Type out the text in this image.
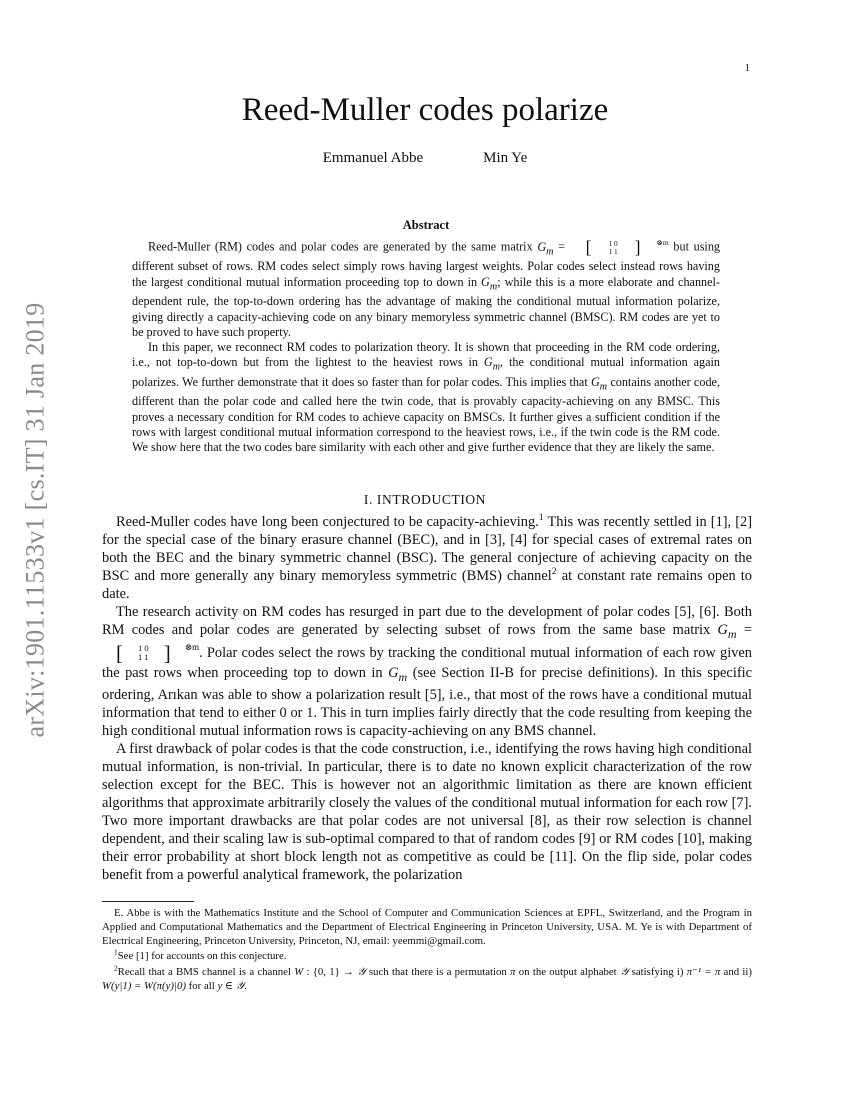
1
arXiv:1901.11533v1 [cs.IT] 31 Jan 2019
Reed-Muller codes polarize
Emmanuel Abbe	Min Ye
Abstract

Reed-Muller (RM) codes and polar codes are generated by the same matrix $G_m$ = [	1 0
1 1 ]	$^{\otimes m}$ but using different subset of rows. RM codes select simply rows having largest weights. Polar codes select instead rows having the largest conditional mutual information proceeding top to down in $G_m$; while this is a more elaborate and channel-dependent rule, the top-to-down ordering has the advantage of making the conditional mutual information polarize, giving directly a capacity-achieving code on any binary memoryless symmetric channel (BMSC). RM codes are yet to be proved to have such property.

In this paper, we reconnect RM codes to polarization theory. It is shown that proceeding in the RM code ordering, i.e., not top-to-down but from the lightest to the heaviest rows in $G_m$, the conditional mutual information again polarizes. We further demonstrate that it does so faster than for polar codes. This implies that $G_m$ contains another code, different than the polar code and called here the twin code, that is provably capacity-achieving on any BMSC. This proves a necessary condition for RM codes to achieve capacity on BMSCs. It further gives a sufficient condition if the rows with largest conditional mutual information correspond to the heaviest rows, i.e., if the twin code is the RM code. We show here that the two codes bare similarity with each other and give further evidence that they are likely the same.

I. INTRODUCTION

Reed-Muller codes have long been conjectured to be capacity-achieving.$^1$ This was recently settled in [1], [2] for the special case of the binary erasure channel (BEC), and in [3], [4] for special cases of extremal rates on both the BEC and the binary symmetric channel (BSC). The general conjecture of achieving capacity on the BSC and more generally any binary memoryless symmetric (BMS) channel$^2$ at constant rate remains open to date.

The research activity on RM codes has resurged in part due to the development of polar codes [5], [6]. Both RM codes and polar codes are generated by selecting subset of rows from the same base matrix $G_m$ =
[	1 0
1 1 ]	$^{\otimes m}$ . Polar codes select the rows by tracking the conditional mutual information of each row given the past rows when proceeding top to down in $G_m$ (see Section II-B for precise definitions). In this specific ordering, Arıkan was able to show a polarization result [5], i.e., that most of the rows have a conditional mutual information that tend to either 0 or 1. This in turn implies fairly directly that the code resulting from keeping the high conditional mutual information rows is capacity-achieving on any BMS channel.

A first drawback of polar codes is that the code construction, i.e., identifying the rows having high conditional mutual information, is non-trivial. In particular, there is to date no known explicit characterization of the row selection except for the BEC. This is however not an algorithmic limitation as there are known efficient algorithms that approximate arbitrarily closely the values of the conditional mutual information for each row [7]. Two more important drawbacks are that polar codes are not universal [8], as their row selection is channel dependent, and their scaling law is sub-optimal compared to that of random codes [9] or RM codes [10], making their error probability at short block length not as competitive as could be [11]. On the flip side, polar codes benefit from a powerful analytical framework, the polarization

E. Abbe is with the Mathematics Institute and the School of Computer and Communication Sciences at EPFL, Switzerland, and the Program in Applied and Computational Mathematics and the Department of Electrical Engineering in Princeton University, USA. M. Ye is with Department of Electrical Engineering, Princeton University, Princeton, NJ, email: yeemmi@gmail.com.

$^1$See [1] for accounts on this conjecture.

$^2$Recall that a BMS channel is a channel W : {0, 1} → 𝒴 such that there is a permutation π on the output alphabet 𝒴 satisfying i) π⁻¹ = π and ii) W(y|1) = W(π(y)|0) for all y ∈ 𝒴.
